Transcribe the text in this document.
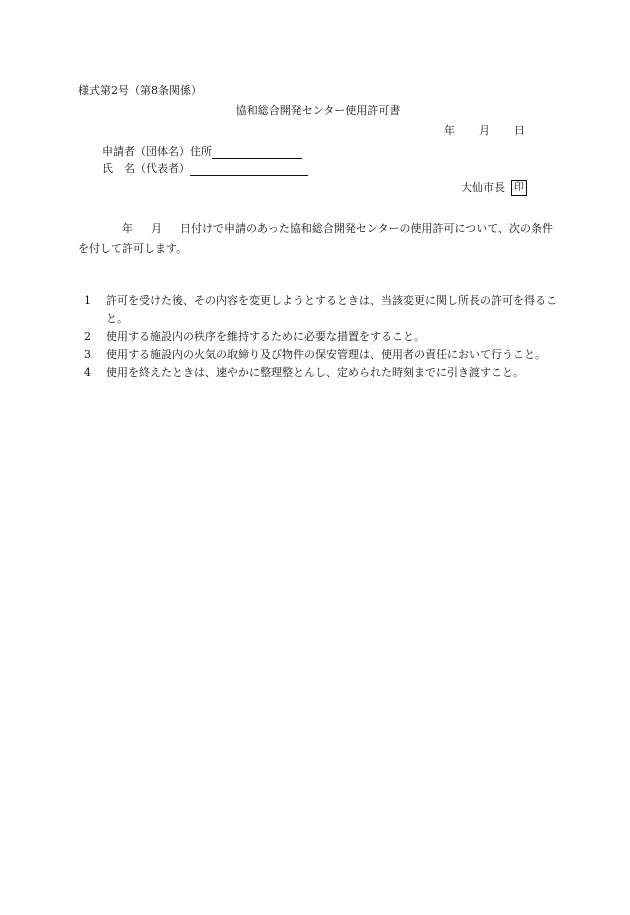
様式第2号（第8条関係）
協和総合開発センター使用許可書
年 月 日
申請者（団体名）住所
氏　名（代表者）
大仙市長 印
年 月 日付けで申請のあった協和総合開発センターの使用許可について、次の条件を付して許可します。
1	許可を受けた後、その内容を変更しようとするときは、当該変更に関し所長の許可を得ること。
2	使用する施設内の秩序を維持するために必要な措置をすること。
3	使用する施設内の火気の取締り及び物件の保安管理は、使用者の責任において行うこと。
4	使用を終えたときは、速やかに整理整とんし、定められた時刻までに引き渡すこと。
